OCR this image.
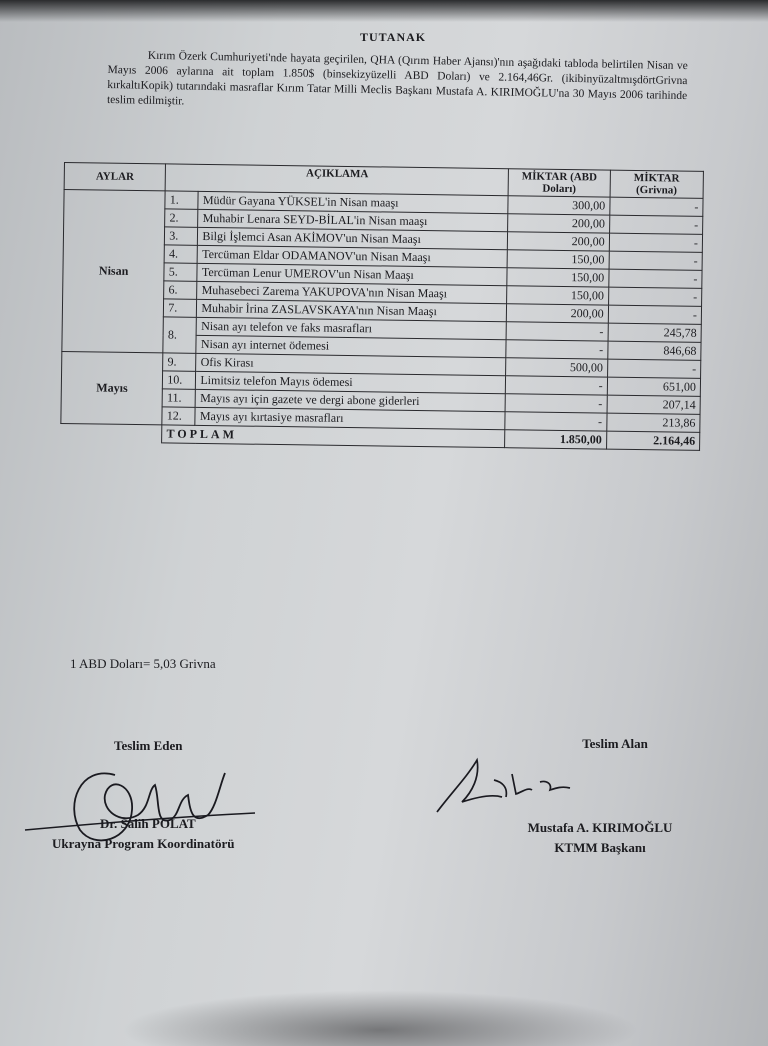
TUTANAK
Kırım Özerk Cumhuriyeti'nde hayata geçirilen, QHA (Qırım Haber Ajansı)'nın aşağıdaki tabloda belirtilen Nisan ve Mayıs 2006 aylarına ait toplam 1.850$ (binsekizyüzelli ABD Doları) ve 2.164,46Gr. (ikibinyüzaltmışdörtGrivna kırkaltıKopik) tutarındaki masraflar Kırım Tatar Milli Meclis Başkanı Mustafa A. KIRIMOĞLU'na 30 Mayıs 2006 tarihinde teslim edilmiştir.
AYLAR	AÇIKLAMA		MİKTAR (ABD Doları)	MİKTAR (Grivna)
Nisan	1.	Müdür Gayana YÜKSEL'in Nisan maaşı	300,00	-
	2.	Muhabir Lenara SEYD-BİLAL'in Nisan maaşı	200,00	-
	3.	Bilgi İşlemci Asan AKİMOV'un Nisan Maaşı	200,00	-
	4.	Tercüman Eldar ODAMANOV'un Nisan Maaşı	150,00	-
	5.	Tercüman Lenur UMEROV'un Nisan Maaşı	150,00	-
	6.	Muhasebeci Zarema YAKUPOVA'nın Nisan Maaşı	150,00	-
	7.	Muhabir İrina ZASLAVSKAYA'nın Nisan Maaşı	200,00	-
	8.	Nisan ayı telefon ve faks masrafları	-	245,78
		Nisan ayı internet ödemesi	-	846,68
Mayıs	9.	Ofis Kirası	500,00	-
	10.	Limitsiz telefon Mayıs ödemesi	-	651,00
	11.	Mayıs ayı için gazete ve dergi abone giderleri	-	207,14
	12.	Mayıs ayı kırtasiye masrafları	-	213,86
	TOPLAM		1.850,00	2.164,46
1 ABD Doları= 5,03 Grivna
Teslim Eden
Dr. Salih POLAT
Ukrayna Program Koordinatörü
Teslim Alan
Mustafa A. KIRIMOĞLU
KTMM Başkanı
